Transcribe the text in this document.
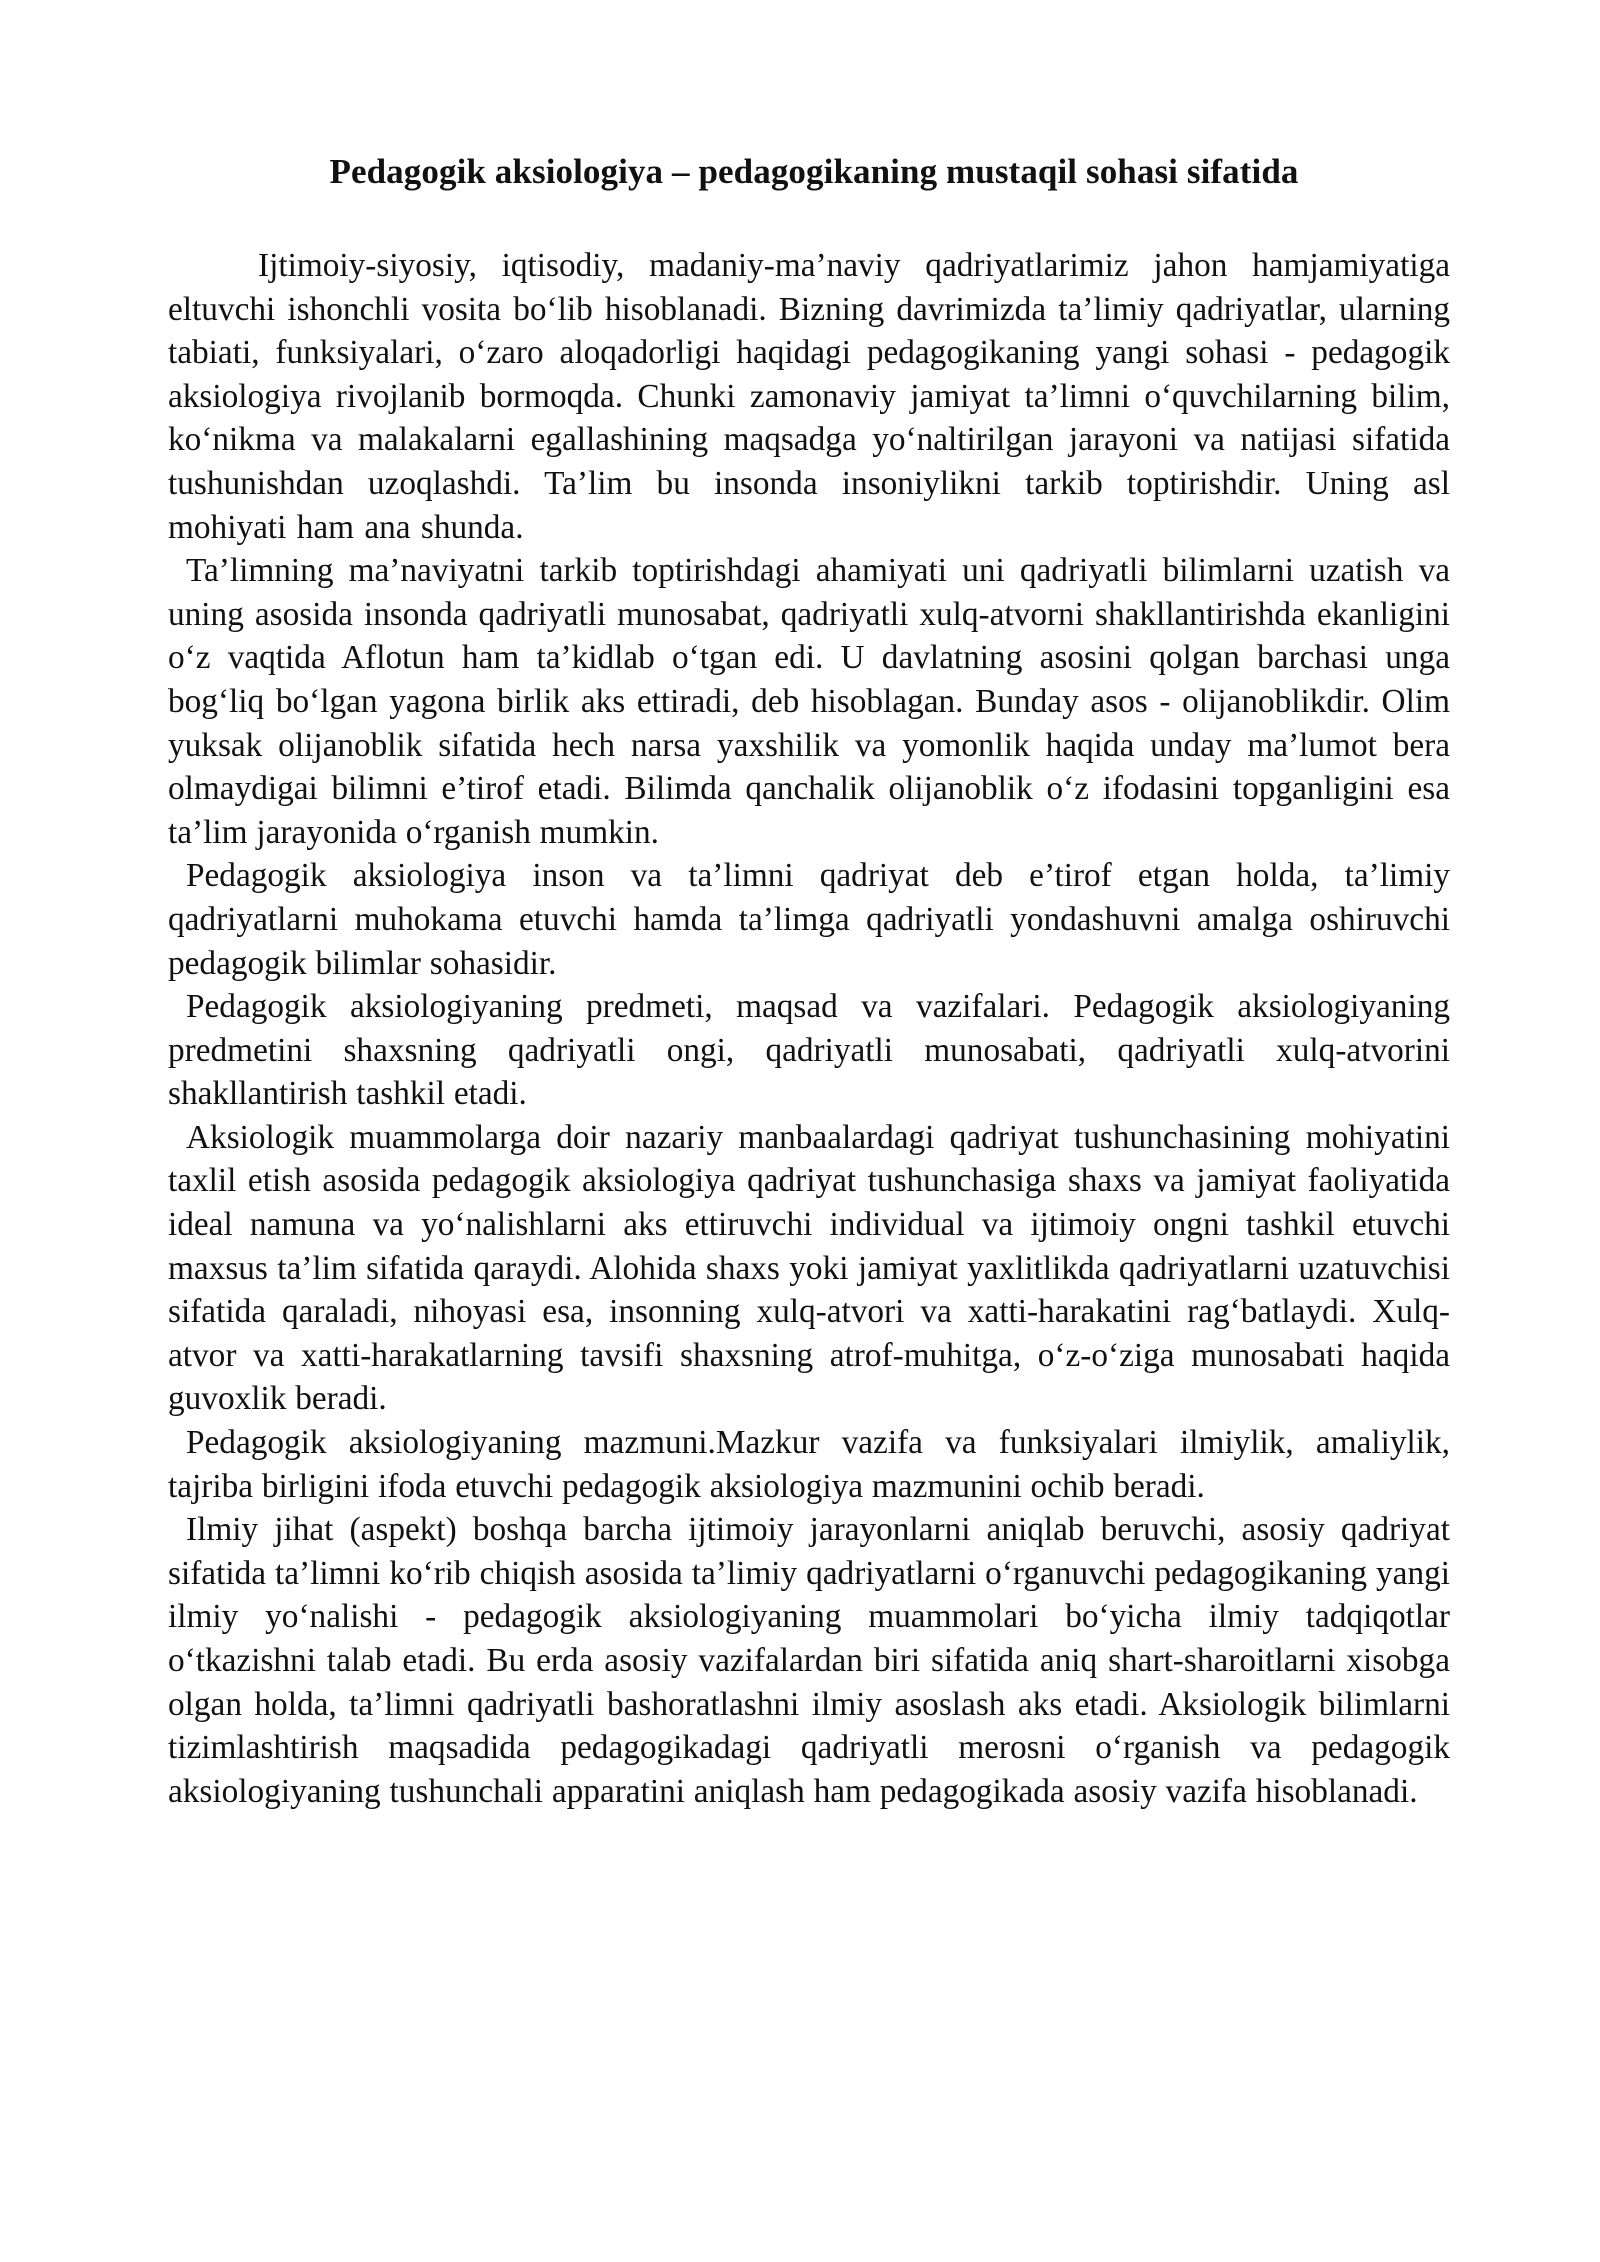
Pedagogik aksiologiya – pedagogikaning mustaqil sohasi sifatida

Ijtimoiy-siyosiy, iqtisodiy, madaniy-ma’naviy qadriyatlarimiz jahon hamjamiyatiga eltuvchi ishonchli vosita bo‘lib hisoblanadi. Bizning davrimizda ta’limiy qadriyatlar, ularning tabiati, funksiyalari, o‘zaro aloqadorligi haqidagi pedagogikaning yangi sohasi - pedagogik aksiologiya rivojlanib bormoqda. Chunki zamonaviy jamiyat ta’limni o‘quvchilarning bilim, ko‘nikma va malakalarni egallashining maqsadga yo‘naltirilgan jarayoni va natijasi sifatida tushunishdan uzoqlashdi. Ta’lim bu insonda insoniylikni tarkib toptirishdir. Uning asl mohiyati ham ana shunda.

Ta’limning ma’naviyatni tarkib toptirishdagi ahamiyati uni qadriyatli bilimlarni uzatish va uning asosida insonda qadriyatli munosabat, qadriyatli xulq-atvorni shakllantirishda ekanligini o‘z vaqtida Aflotun ham ta’kidlab o‘tgan edi. U davlatning asosini qolgan barchasi unga bog‘liq bo‘lgan yagona birlik aks ettiradi, deb hisoblagan. Bunday asos - olijanoblikdir. Olim yuksak olijanoblik sifatida hech narsa yaxshilik va yomonlik haqida unday ma’lumot bera olmaydigai bilimni e’tirof etadi. Bilimda qanchalik olijanoblik o‘z ifodasini topganligini esa ta’lim jarayonida o‘rganish mumkin.

Pedagogik aksiologiya inson va ta’limni qadriyat deb e’tirof etgan holda, ta’limiy qadriyatlarni muhokama etuvchi hamda ta’limga qadriyatli yondashuvni amalga oshiruvchi pedagogik bilimlar sohasidir.

Pedagogik aksiologiyaning predmeti, maqsad va vazifalari. Pedagogik aksiologiyaning predmetini shaxsning qadriyatli ongi, qadriyatli munosabati, qadriyatli xulq-atvorini shakllantirish tashkil etadi.

Aksiologik muammolarga doir nazariy manbaalardagi qadriyat tushunchasining mohiyatini taxlil etish asosida pedagogik aksiologiya qadriyat tushunchasiga shaxs va jamiyat faoliyatida ideal namuna va yo‘nalishlarni aks ettiruvchi individual va ijtimoiy ongni tashkil etuvchi maxsus ta’lim sifatida qaraydi. Alohida shaxs yoki jamiyat yaxlitlikda qadriyatlarni uzatuvchisi sifatida qaraladi, nihoyasi esa, insonning xulq-atvori va xatti-harakatini rag‘batlaydi. Xulq-atvor va xatti-harakatlarning tavsifi shaxsning atrof-muhitga, o‘z-o‘ziga munosabati haqida guvoxlik beradi.

Pedagogik aksiologiyaning mazmuni.Mazkur vazifa va funksiyalari ilmiylik, amaliylik, tajriba birligini ifoda etuvchi pedagogik aksiologiya mazmunini ochib beradi.

Ilmiy jihat (aspekt) boshqa barcha ijtimoiy jarayonlarni aniqlab beruvchi, asosiy qadriyat sifatida ta’limni ko‘rib chiqish asosida ta’limiy qadriyatlarni o‘rganuvchi pedagogikaning yangi ilmiy yo‘nalishi - pedagogik aksiologiyaning muammolari bo‘yicha ilmiy tadqiqotlar o‘tkazishni talab etadi. Bu erda asosiy vazifalardan biri sifatida aniq shart-sharoitlarni xisobga olgan holda, ta’limni qadriyatli bashoratlashni ilmiy asoslash aks etadi. Aksiologik bilimlarni tizimlashtirish maqsadida pedagogikadagi qadriyatli merosni o‘rganish va pedagogik aksiologiyaning tushunchali apparatini aniqlash ham pedagogikada asosiy vazifa hisoblanadi.
